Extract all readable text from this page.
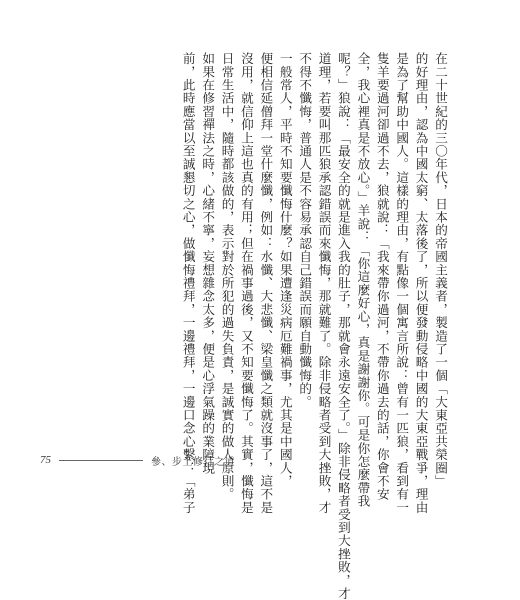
在二十世紀的三〇年代，日本的帝國主義者，製造了一個「大東亞共榮圈」

的好理由，認為中國太窮、太落後了，所以便發動侵略中國的大東亞戰爭，理由

是為了幫助中國人。這樣的理由，有點像一個寓言所說：曾有一匹狼，看到有一

隻羊要過河卻過不去，狼就說：「我來帶你過河，不帶你過去的話，你會不安

全，我心裡真是不放心。」羊說：「你這麼好心，真是謝謝你。可是你怎麼帶我

呢？」狼說：「最安全的就是進入我的肚子，那就會永遠安全了。」除非侵略者受到大挫敗，才

道理，若要叫那匹狼承認錯誤而來懺悔，那就難了。除非侵略者受到大挫敗，才

不得不懺悔，普通人是不容易承認自己錯誤而願自動懺悔的。

一般常人，平時不知要懺悔什麼？如果遭逢災病厄難禍事，尤其是中國人，

便相信延僧拜一堂什麼懺，例如：水懺、大悲懺、梁皇懺之類就沒事了，這不是

沒用，就信仰上這也真的有用；但在禍事過後，又不知要懺悔了。其實，懺悔是

日常生活中，隨時都該做的，表示對於所犯的過失負責，是誠實的做人原則。

如果在修習禪法之時，心緒不寧，妄想雜念太多，便是心浮氣躁的業障現

前，此時應當以至誠懇切之心，做懺悔禮拜，一邊禮拜，一邊口念心繫：「弟子

75	參、步上修行之道
